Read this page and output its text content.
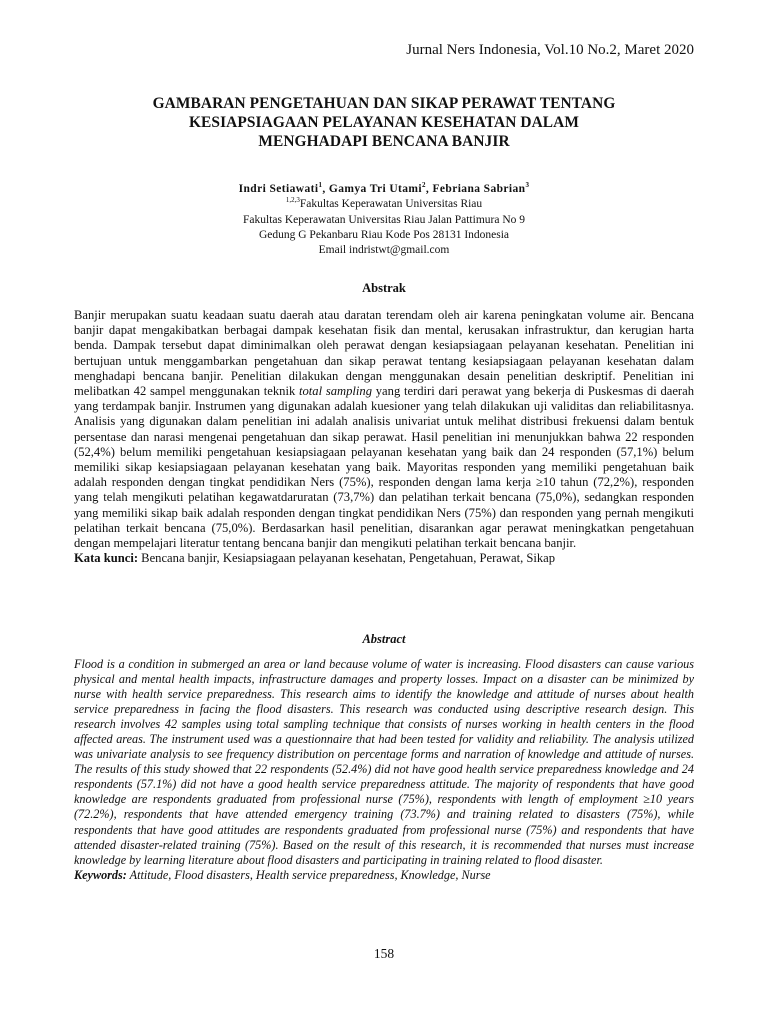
Jurnal Ners Indonesia, Vol.10 No.2, Maret 2020
GAMBARAN PENGETAHUAN DAN SIKAP PERAWAT TENTANG
KESIAPSIAGAAN PELAYANAN KESEHATAN DALAM
MENGHADAPI BENCANA BANJIR
Indri Setiawati$^1$, Gamya Tri Utami$^2$, Febriana Sabrian$^3$
$^{1,2,3}$Fakultas Keperawatan Universitas Riau
Fakultas Keperawatan Universitas Riau Jalan Pattimura No 9
Gedung G Pekanbaru Riau Kode Pos 28131 Indonesia
Email indristwt@gmail.com
Abstrak
Banjir merupakan suatu keadaan suatu daerah atau daratan terendam oleh air karena peningkatan volume air. Bencana banjir dapat mengakibatkan berbagai dampak kesehatan fisik dan mental, kerusakan infrastruktur, dan kerugian harta benda. Dampak tersebut dapat diminimalkan oleh perawat dengan kesiapsiagaan pelayanan kesehatan. Penelitian ini bertujuan untuk menggambarkan pengetahuan dan sikap perawat tentang kesiapsiagaan pelayanan kesehatan dalam menghadapi bencana banjir. Penelitian dilakukan dengan menggunakan desain penelitian deskriptif. Penelitian ini melibatkan 42 sampel menggunakan teknik total sampling yang terdiri dari perawat yang bekerja di Puskesmas di daerah yang terdampak banjir. Instrumen yang digunakan adalah kuesioner yang telah dilakukan uji validitas dan reliabilitasnya. Analisis yang digunakan dalam penelitian ini adalah analisis univariat untuk melihat distribusi frekuensi dalam bentuk persentase dan narasi mengenai pengetahuan dan sikap perawat. Hasil penelitian ini menunjukkan bahwa 22 responden (52,4%) belum memiliki pengetahuan kesiapsiagaan pelayanan kesehatan yang baik dan 24 responden (57,1%) belum memiliki sikap kesiapsiagaan pelayanan kesehatan yang baik. Mayoritas responden yang memiliki pengetahuan baik adalah responden dengan tingkat pendidikan Ners (75%), responden dengan lama kerja ≥10 tahun (72,2%), responden yang telah mengikuti pelatihan kegawatdaruratan (73,7%) dan pelatihan terkait bencana (75,0%), sedangkan responden yang memiliki sikap baik adalah responden dengan tingkat pendidikan Ners (75%) dan responden yang pernah mengikuti pelatihan terkait bencana (75,0%). Berdasarkan hasil penelitian, disarankan agar perawat meningkatkan pengetahuan dengan mempelajari literatur tentang bencana banjir dan mengikuti pelatihan terkait bencana banjir.
Kata kunci: Bencana banjir, Kesiapsiagaan pelayanan kesehatan, Pengetahuan, Perawat, Sikap
Abstract
Flood is a condition in submerged an area or land because volume of water is increasing. Flood disasters can cause various physical and mental health impacts, infrastructure damages and property losses. Impact on a disaster can be minimized by nurse with health service preparedness. This research aims to identify the knowledge and attitude of nurses about health service preparedness in facing the flood disasters. This research was conducted using descriptive research design. This research involves 42 samples using total sampling technique that consists of nurses working in health centers in the flood affected areas. The instrument used was a questionnaire that had been tested for validity and reliability. The analysis utilized was univariate analysis to see frequency distribution on percentage forms and narration of knowledge and attitude of nurses. The results of this study showed that 22 respondents (52.4%) did not have good health service preparedness knowledge and 24 respondents (57.1%) did not have a good health service preparedness attitude. The majority of respondents that have good knowledge are respondents graduated from professional nurse (75%), respondents with length of employment ≥10 years (72.2%), respondents that have attended emergency training (73.7%) and training related to disasters (75%), while respondents that have good attitudes are respondents graduated from professional nurse (75%) and respondents that have attended disaster-related training (75%). Based on the result of this research, it is recommended that nurses must increase knowledge by learning literature about flood disasters and participating in training related to flood disaster.
Keywords: Attitude, Flood disasters, Health service preparedness, Knowledge, Nurse
158
